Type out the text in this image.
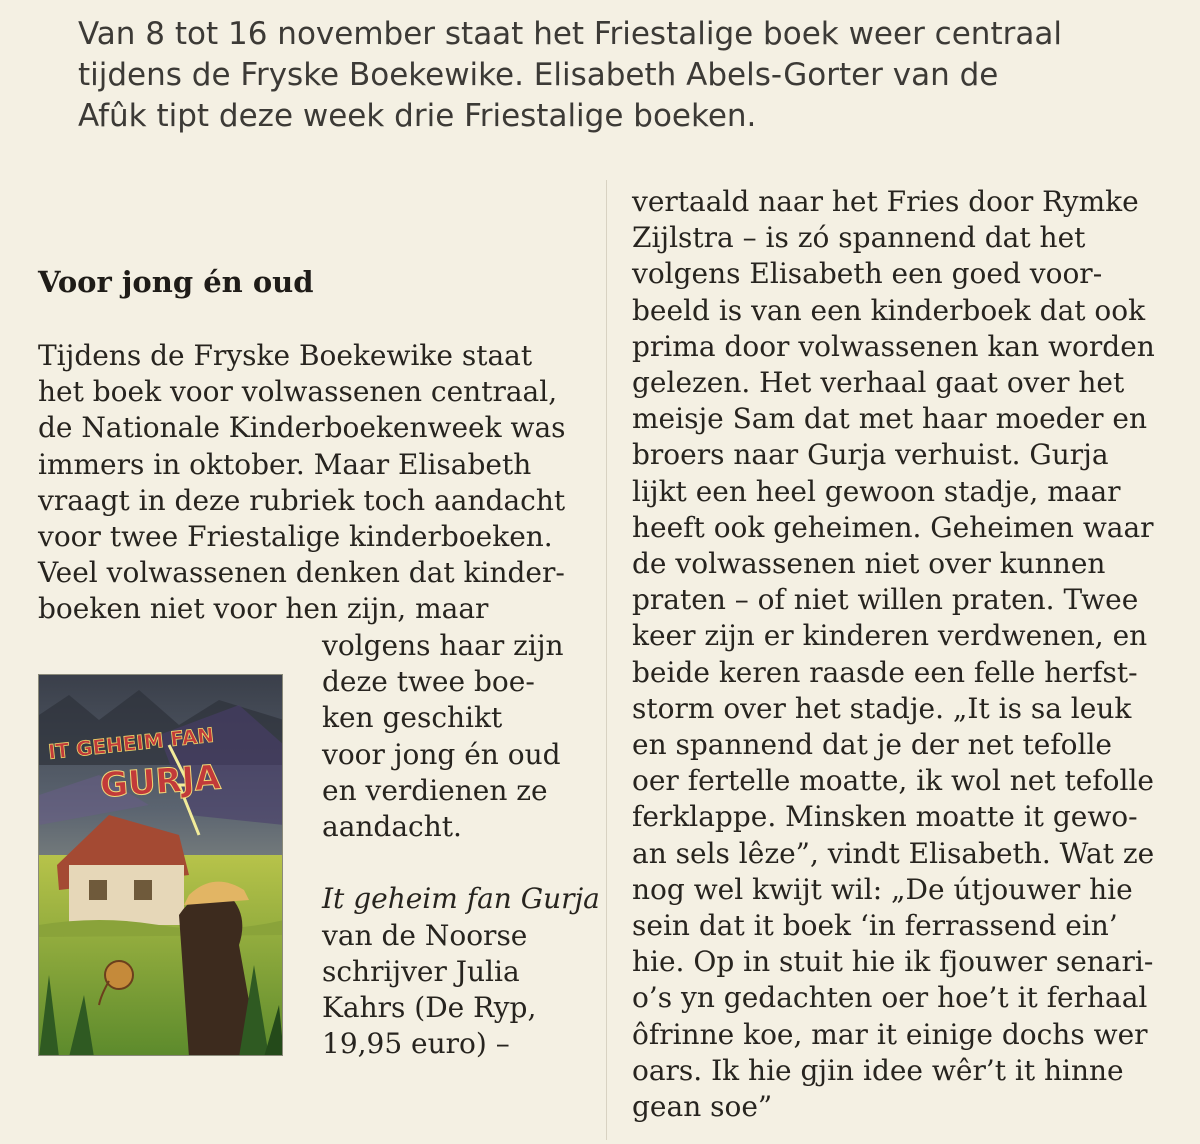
Van 8 tot 16 november staat het Friestalige boek weer centraal
tijdens de Fryske Boekewike. Elisabeth Abels-Gorter van de
Afûk tipt deze week drie Friestalige boeken.
Voor jong én oud
Tijdens de Fryske Boekewike staat
het boek voor volwassenen centraal,
de Nationale Kinderboekenweek was
immers in oktober. Maar Elisabeth
vraagt in deze rubriek toch aandacht
voor twee Friestalige kinderboeken.
Veel volwassenen denken dat kinder-
boeken niet voor hen zijn, maar
volgens haar zijn
deze twee boe-
ken geschikt
voor jong én oud
en verdienen ze
aandacht.
It geheim fan Gurja
van de Noorse
schrijver Julia
Kahrs (De Ryp,
19,95 euro) –
IT GEHEIM FAN
GURJA
vertaald naar het Fries door Rymke
Zijlstra – is zó spannend dat het
volgens Elisabeth een goed voor-
beeld is van een kinderboek dat ook
prima door volwassenen kan worden
gelezen. Het verhaal gaat over het
meisje Sam dat met haar moeder en
broers naar Gurja verhuist. Gurja
lijkt een heel gewoon stadje, maar
heeft ook geheimen. Geheimen waar
de volwassenen niet over kunnen
praten – of niet willen praten. Twee
keer zijn er kinderen verdwenen, en
beide keren raasde een felle herfst-
storm over het stadje. „It is sa leuk
en spannend dat je der net tefolle
oer fertelle moatte, ik wol net tefolle
ferklappe. Minsken moatte it gewo-
an sels lêze”, vindt Elisabeth. Wat ze
nog wel kwijt wil: „De útjouwer hie
sein dat it boek ‘in ferrassend ein’
hie. Op in stuit hie ik fjouwer senari-
o’s yn gedachten oer hoe’t it ferhaal
ôfrinne koe, mar it einige dochs wer
oars. Ik hie gjin idee wêr’t it hinne
gean soe”
